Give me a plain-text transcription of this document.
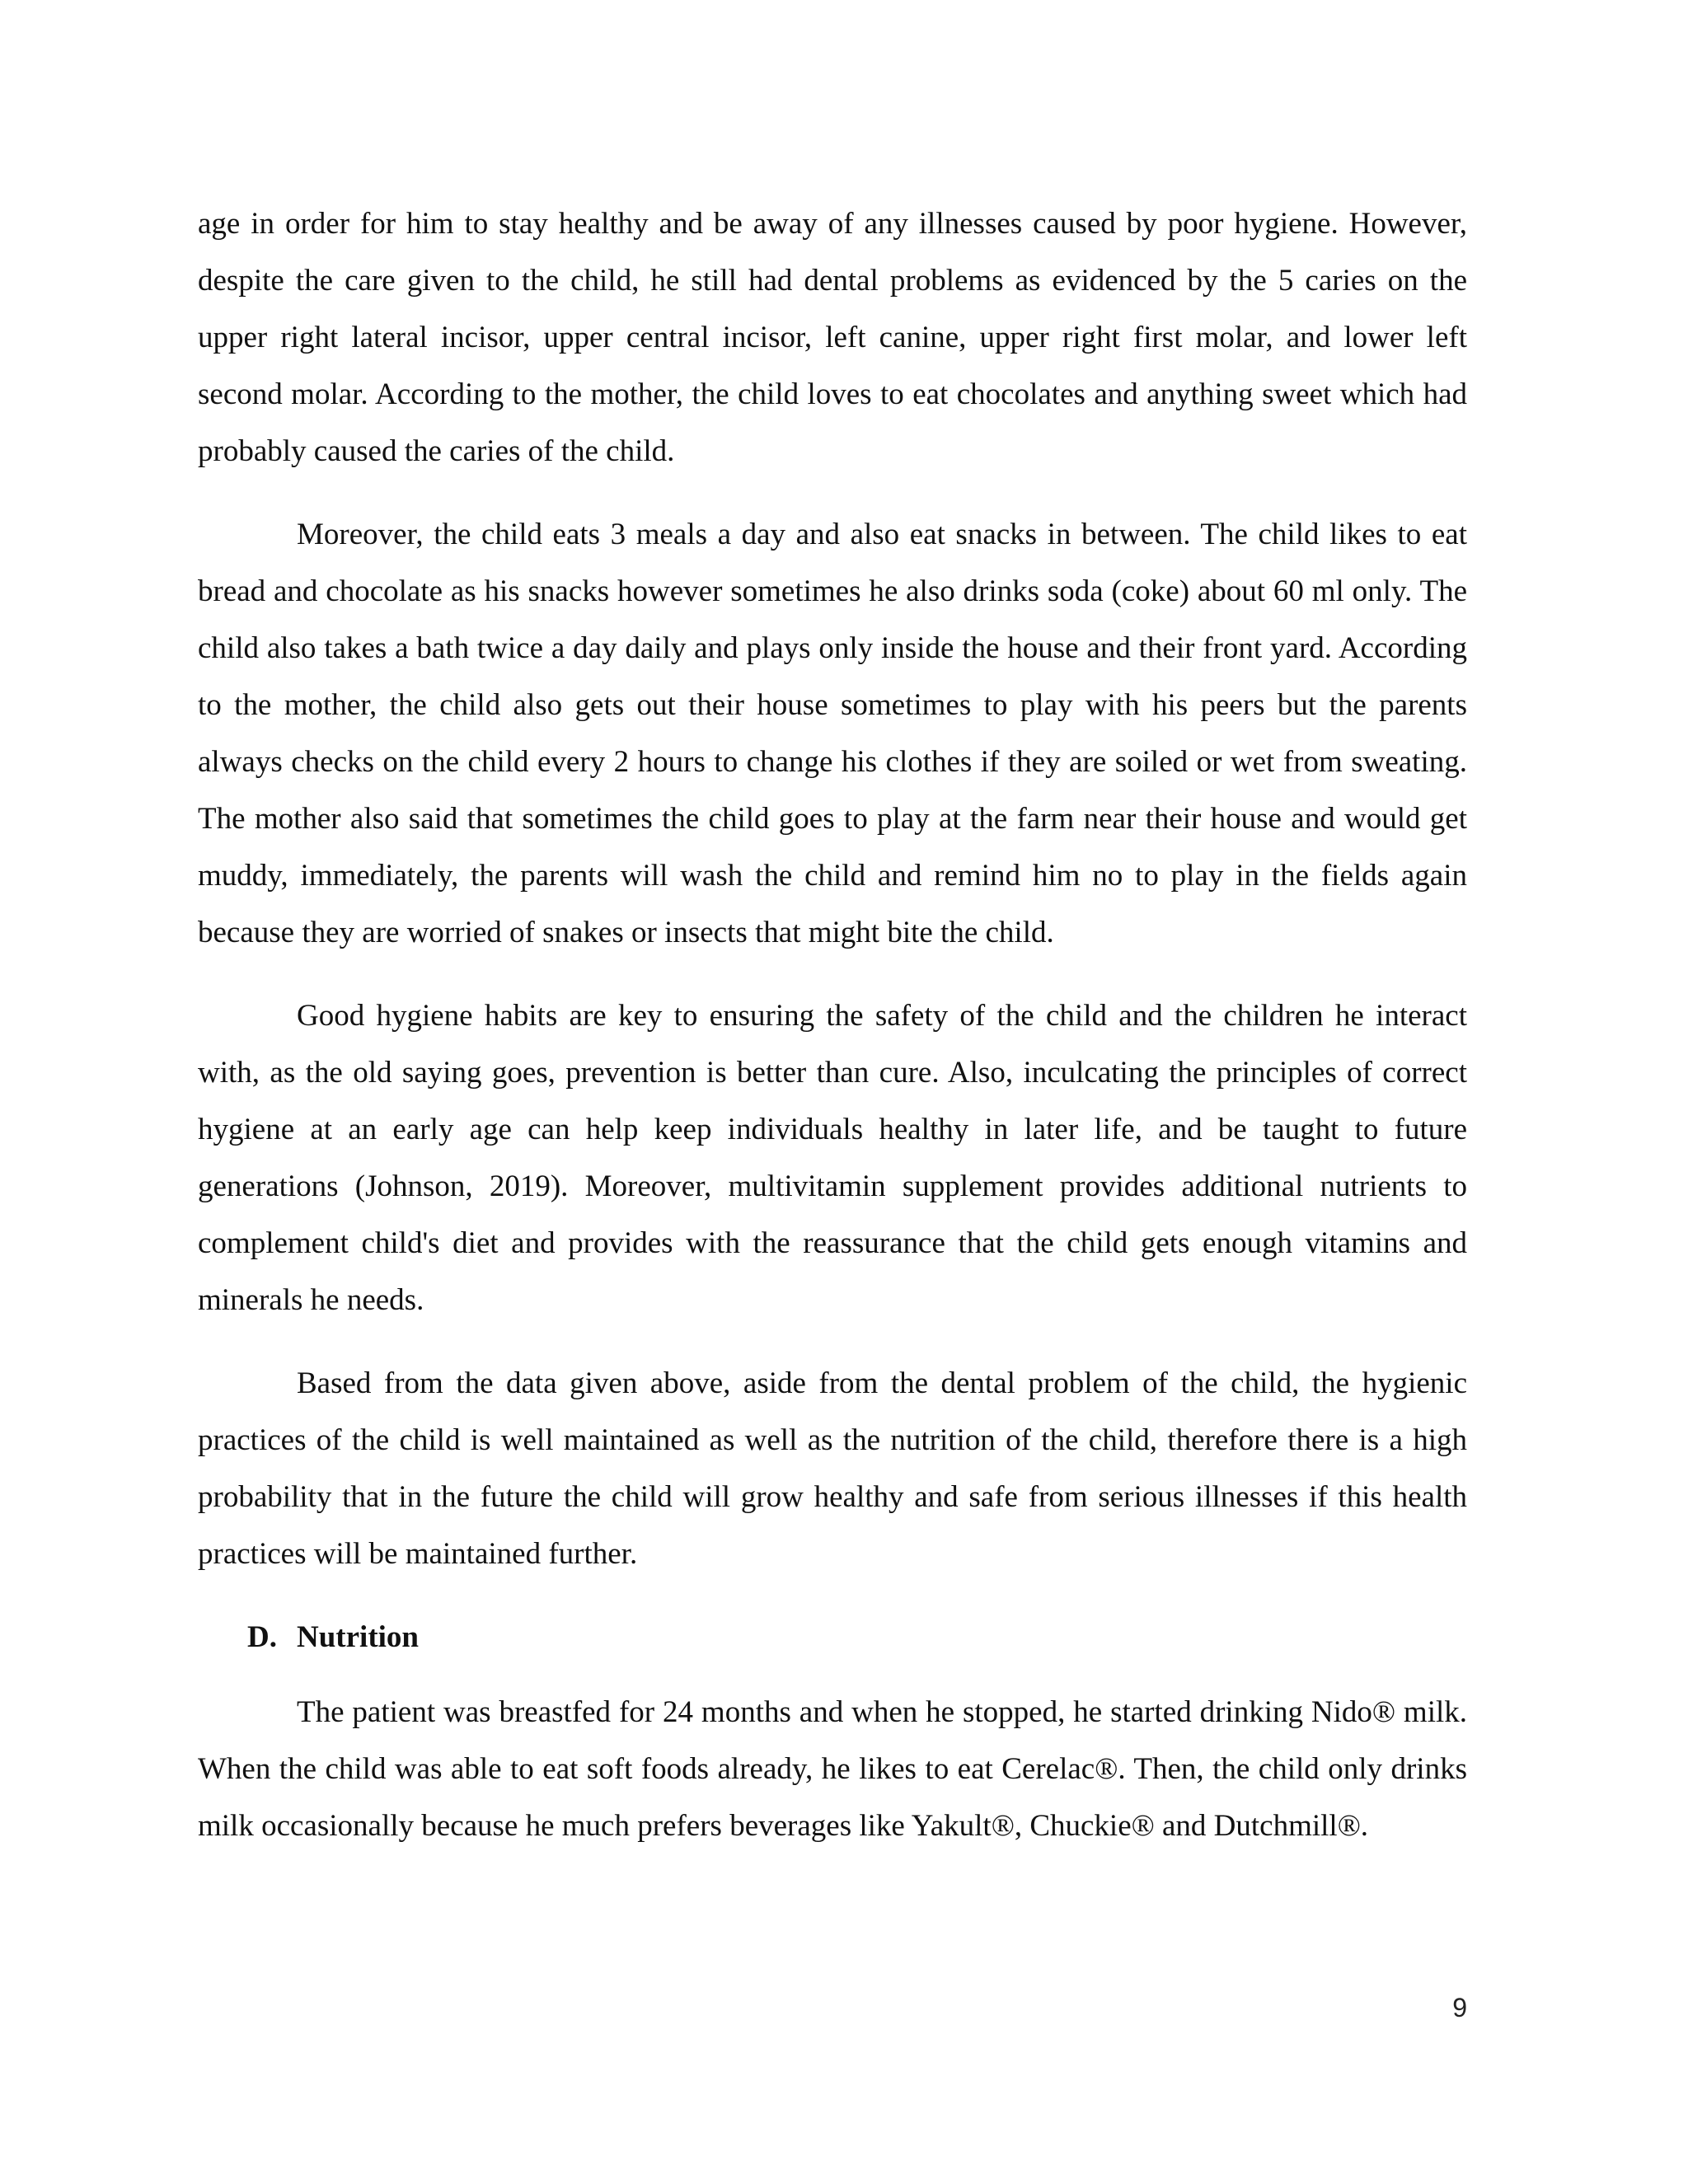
age in order for him to stay healthy and be away of any illnesses caused by poor hygiene. However, despite the care given to the child, he still had dental problems as evidenced by the 5 caries on the upper right lateral incisor, upper central incisor, left canine, upper right first molar, and lower left second molar. According to the mother, the child loves to eat chocolates and anything sweet which had probably caused the caries of the child.

Moreover, the child eats 3 meals a day and also eat snacks in between. The child likes to eat bread and chocolate as his snacks however sometimes he also drinks soda (coke) about 60 ml only. The child also takes a bath twice a day daily and plays only inside the house and their front yard. According to the mother, the child also gets out their house sometimes to play with his peers but the parents always checks on the child every 2 hours to change his clothes if they are soiled or wet from sweating. The mother also said that sometimes the child goes to play at the farm near their house and would get muddy, immediately, the parents will wash the child and remind him no to play in the fields again because they are worried of snakes or insects that might bite the child.

Good hygiene habits are key to ensuring the safety of the child and the children he interact with, as the old saying goes, prevention is better than cure. Also, inculcating the principles of correct hygiene at an early age can help keep individuals healthy in later life, and be taught to future generations (Johnson, 2019). Moreover, multivitamin supplement provides additional nutrients to complement child's diet and provides with the reassurance that the child gets enough vitamins and minerals he needs.

Based from the data given above, aside from the dental problem of the child, the hygienic practices of the child is well maintained as well as the nutrition of the child, therefore there is a high probability that in the future the child will grow healthy and safe from serious illnesses if this health practices will be maintained further.

D. Nutrition

The patient was breastfed for 24 months and when he stopped, he started drinking Nido® milk. When the child was able to eat soft foods already, he likes to eat Cerelac®. Then, the child only drinks milk occasionally because he much prefers beverages like Yakult®, Chuckie® and Dutchmill®.

9
